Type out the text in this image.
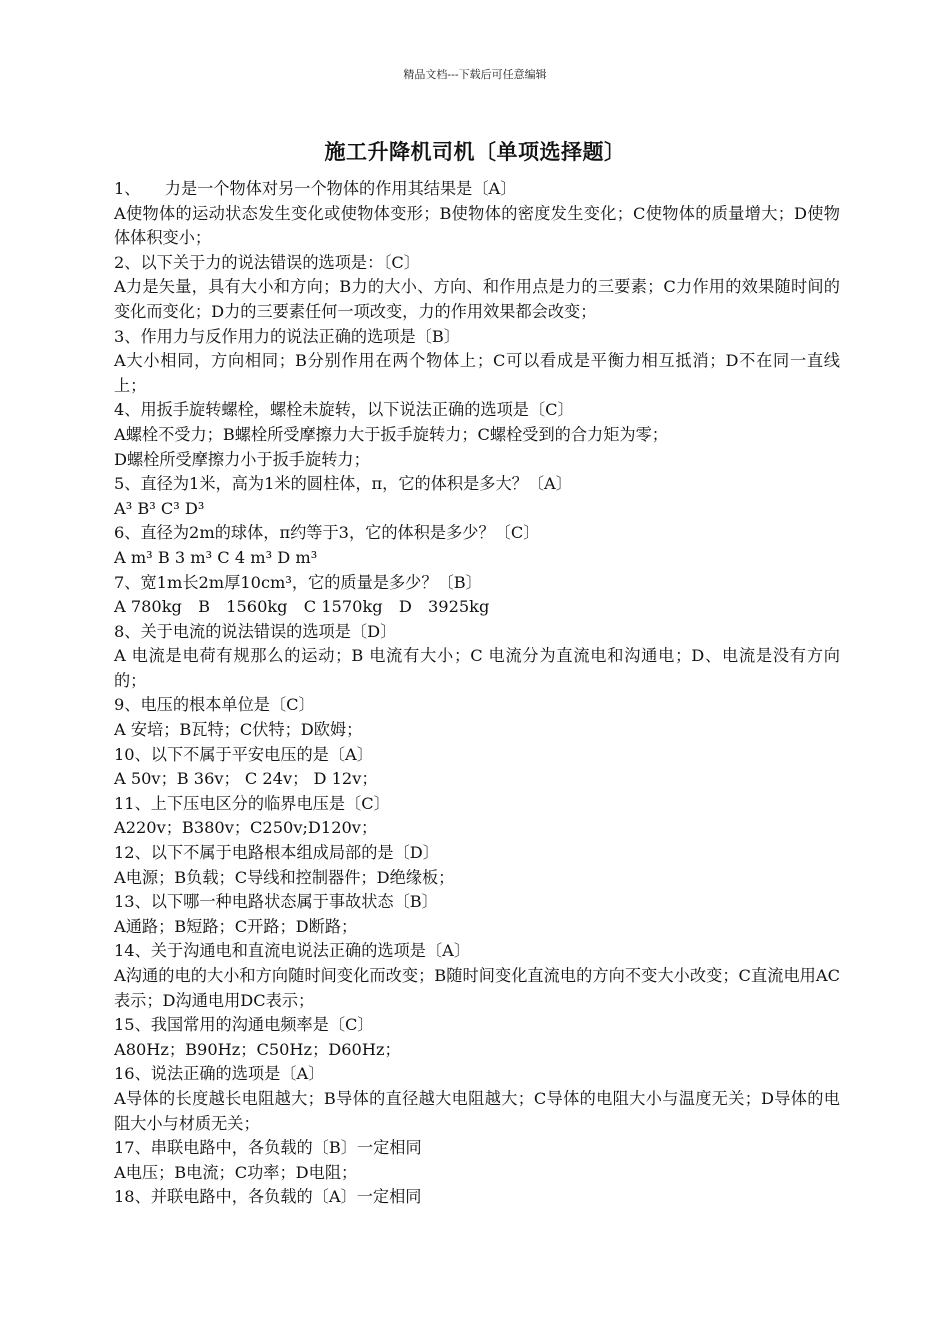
精品文档---下载后可任意编辑
施工升降机司机〔单项选择题〕

1、　　力是一个物体对另一个物体的作用其结果是〔A〕

A使物体的运动状态发生变化或使物体变形；B使物体的密度发生变化；C使物体的质量增大；D使物体体积变小；

2、以下关于力的说法错误的选项是：〔C〕

A力是矢量，具有大小和方向；B力的大小、方向、和作用点是力的三要素；C力作用的效果随时间的变化而变化；D力的三要素任何一项改变，力的作用效果都会改变；

3、作用力与反作用力的说法正确的选项是〔B〕

A大小相同，方向相同；B分别作用在两个物体上；C可以看成是平衡力相互抵消；D不在同一直线上；

4、用扳手旋转螺栓，螺栓未旋转，以下说法正确的选项是〔C〕

A螺栓不受力；B螺栓所受摩擦力大于扳手旋转力；C螺栓受到的合力矩为零；

D螺栓所受摩擦力小于扳手旋转力；

5、直径为1米，高为1米的圆柱体，π，它的体积是多大？〔A〕

A³ B³ C³ D³

6、直径为2m的球体，π约等于3，它的体积是多少？〔C〕

A m³ B 3 m³ C 4 m³ D m³

7、宽1m长2m厚10cm³，它的质量是多少？〔B〕

A 780kg　B　1560kg　C 1570kg　D　3925kg

8、关于电流的说法错误的选项是〔D〕

A 电流是电荷有规那么的运动；B 电流有大小；C 电流分为直流电和沟通电；D、电流是没有方向的；

9、电压的根本单位是〔C〕

A 安培；B瓦特；C伏特；D欧姆；

10、以下不属于平安电压的是〔A〕

A 50v；B 36v； C 24v； D 12v；

11、上下压电区分的临界电压是〔C〕

A220v；B380v；C250v;D120v；

12、以下不属于电路根本组成局部的是〔D〕

A电源；B负载；C导线和控制器件；D绝缘板；

13、以下哪一种电路状态属于事故状态〔B〕

A通路；B短路；C开路；D断路；

14、关于沟通电和直流电说法正确的选项是〔A〕

A沟通的电的大小和方向随时间变化而改变；B随时间变化直流电的方向不变大小改变；C直流电用AC表示；D沟通电用DC表示；

15、我国常用的沟通电频率是〔C〕

A80Hz；B90Hz；C50Hz；D60Hz；

16、说法正确的选项是〔A〕

A导体的长度越长电阻越大；B导体的直径越大电阻越大；C导体的电阻大小与温度无关；D导体的电阻大小与材质无关；

17、串联电路中，各负载的〔B〕一定相同

A电压；B电流；C功率；D电阻；

18、并联电路中，各负载的〔A〕一定相同
